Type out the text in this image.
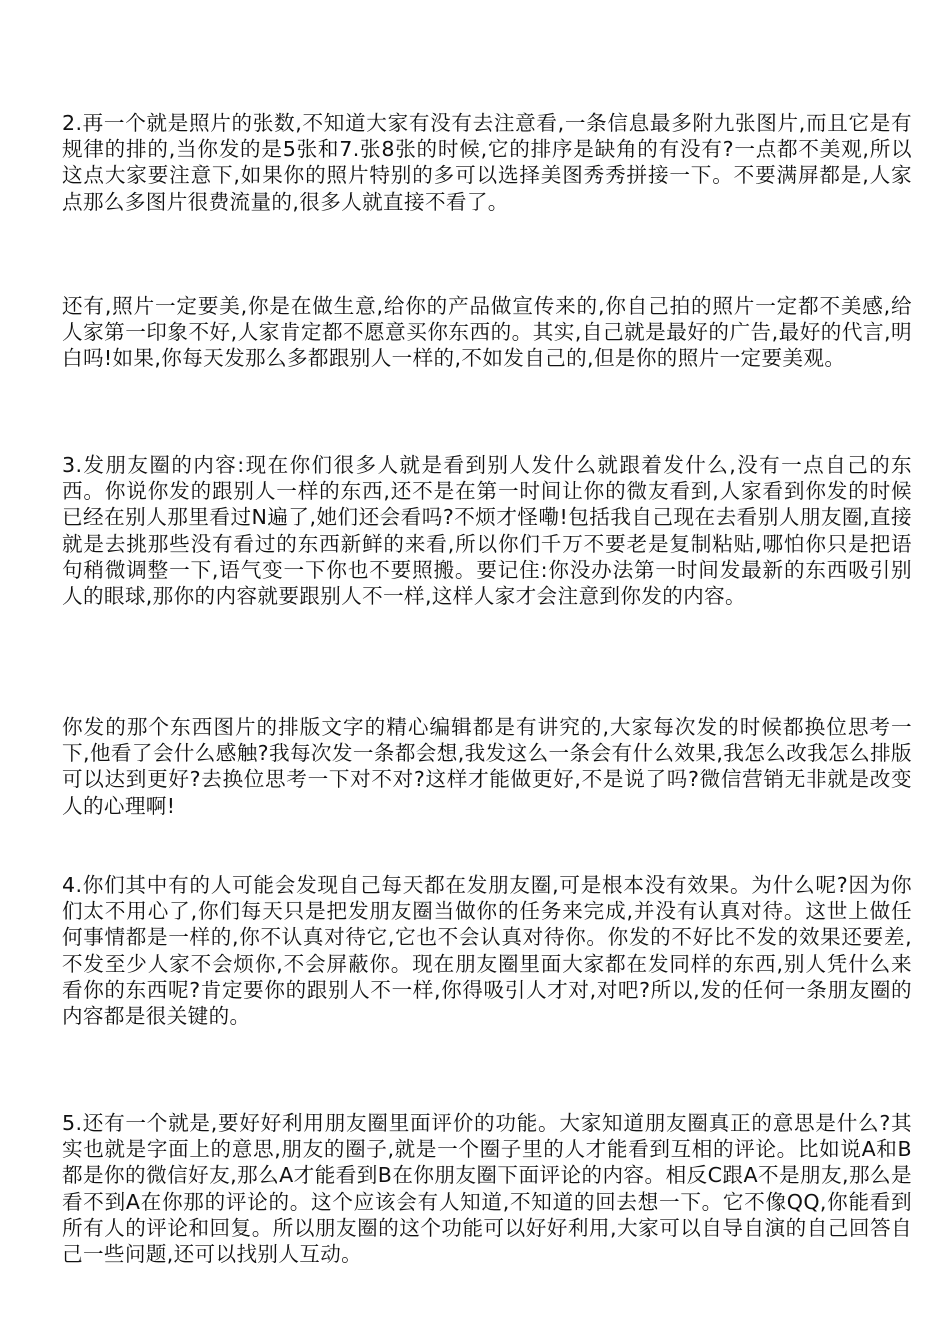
2.再一个就是照片的张数,不知道大家有没有去注意看,一条信息最多附九张图片,而且它是有规律的排的,当你发的是5张和7.张8张的时候,它的排序是缺角的有没有?一点都不美观,所以这点大家要注意下,如果你的照片特别的多可以选择美图秀秀拼接一下。不要满屏都是,人家点那么多图片很费流量的,很多人就直接不看了。

还有,照片一定要美,你是在做生意,给你的产品做宣传来的,你自己拍的照片一定都不美感,给人家第一印象不好,人家肯定都不愿意买你东西的。其实,自己就是最好的广告,最好的代言,明白吗!如果,你每天发那么多都跟别人一样的,不如发自己的,但是你的照片一定要美观。

3.发朋友圈的内容:现在你们很多人就是看到别人发什么就跟着发什么,没有一点自己的东西。你说你发的跟别人一样的东西,还不是在第一时间让你的微友看到,人家看到你发的时候已经在别人那里看过N遍了,她们还会看吗?不烦才怪嘞!包括我自己现在去看别人朋友圈,直接就是去挑那些没有看过的东西新鲜的来看,所以你们千万不要老是复制粘贴,哪怕你只是把语句稍微调整一下,语气变一下你也不要照搬。要记住:你没办法第一时间发最新的东西吸引别人的眼球,那你的内容就要跟别人不一样,这样人家才会注意到你发的内容。

你发的那个东西图片的排版文字的精心编辑都是有讲究的,大家每次发的时候都换位思考一下,他看了会什么感触?我每次发一条都会想,我发这么一条会有什么效果,我怎么改我怎么排版可以达到更好?去换位思考一下对不对?这样才能做更好,不是说了吗?微信营销无非就是改变人的心理啊!

4.你们其中有的人可能会发现自己每天都在发朋友圈,可是根本没有效果。为什么呢?因为你们太不用心了,你们每天只是把发朋友圈当做你的任务来完成,并没有认真对待。这世上做任何事情都是一样的,你不认真对待它,它也不会认真对待你。你发的不好比不发的效果还要差,不发至少人家不会烦你,不会屏蔽你。现在朋友圈里面大家都在发同样的东西,别人凭什么来看你的东西呢?肯定要你的跟别人不一样,你得吸引人才对,对吧?所以,发的任何一条朋友圈的内容都是很关键的。

5.还有一个就是,要好好利用朋友圈里面评价的功能。大家知道朋友圈真正的意思是什么?其实也就是字面上的意思,朋友的圈子,就是一个圈子里的人才能看到互相的评论。比如说A和B都是你的微信好友,那么A才能看到B在你朋友圈下面评论的内容。相反C跟A不是朋友,那么是看不到A在你那的评论的。这个应该会有人知道,不知道的回去想一下。它不像QQ,你能看到所有人的评论和回复。所以朋友圈的这个功能可以好好利用,大家可以自导自演的自己回答自己一些问题,还可以找别人互动。
